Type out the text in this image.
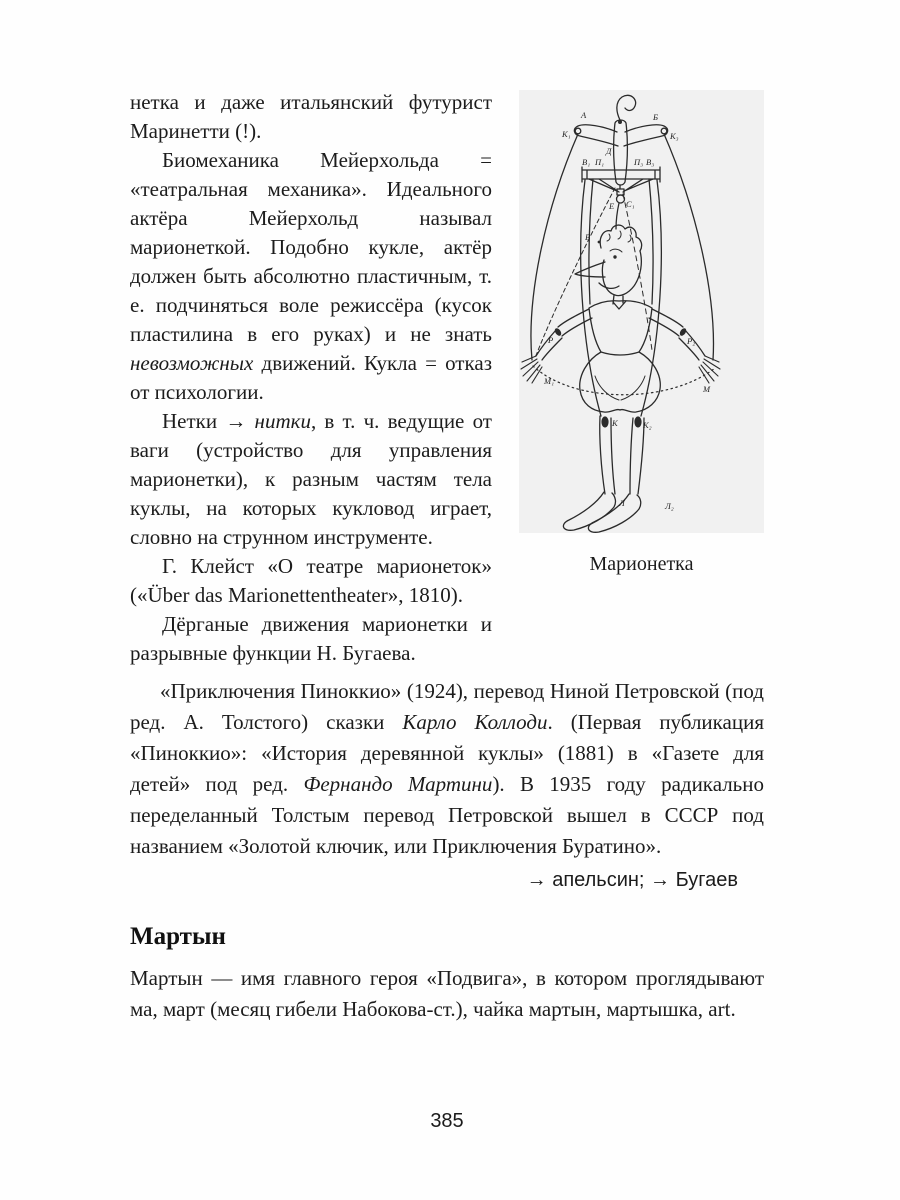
нетка и даже итальянский футурист Маринетти (!).

Биомеханика Мейерхольда = «театральная механика». Идеального актёра Мейерхольд называл марионеткой. Подобно кукле, актёр должен быть абсолютно пластичным, т. е. подчиняться воле режиссёра (кусок пластилина в его руках) и не знать невозможных движений. Кукла = отказ от психологии.

Нетки → нитки, в т. ч. ведущие от ваги (устройство для управления марионетки), к разным частям тела куклы, на которых кукловод играет, словно на струнном инструменте.

Г. Клейст «О театре марионеток» («Über das Marionettentheater», 1810).

Дёрганые движения марионетки и разрывные функции Н. Бугаева.

А	Б
К₁	К₃
Д
В₁ П₁	П₃ В₃
Е С₁
В
Р	Р₂
М₁
М
К	К₂
Л	Л₂
Марионетка

«Приключения Пиноккио» (1924), перевод Ниной Петровской (под ред. А. Толстого) сказки Карло Коллоди. (Первая публикация «Пиноккио»: «История деревянной куклы» (1881) в «Газете для детей» под ред. Фернандо Мартини). В 1935 году радикально переделанный Толстым перевод Петровской вышел в СССР под названием «Золотой ключик, или Приключения Буратино».

→ апельсин; → Бугаев

Мартын

Мартын — имя главного героя «Подвига», в котором проглядывают ма, март (месяц гибели Набокова-ст.), чайка мартын, мартышка, art.

385
